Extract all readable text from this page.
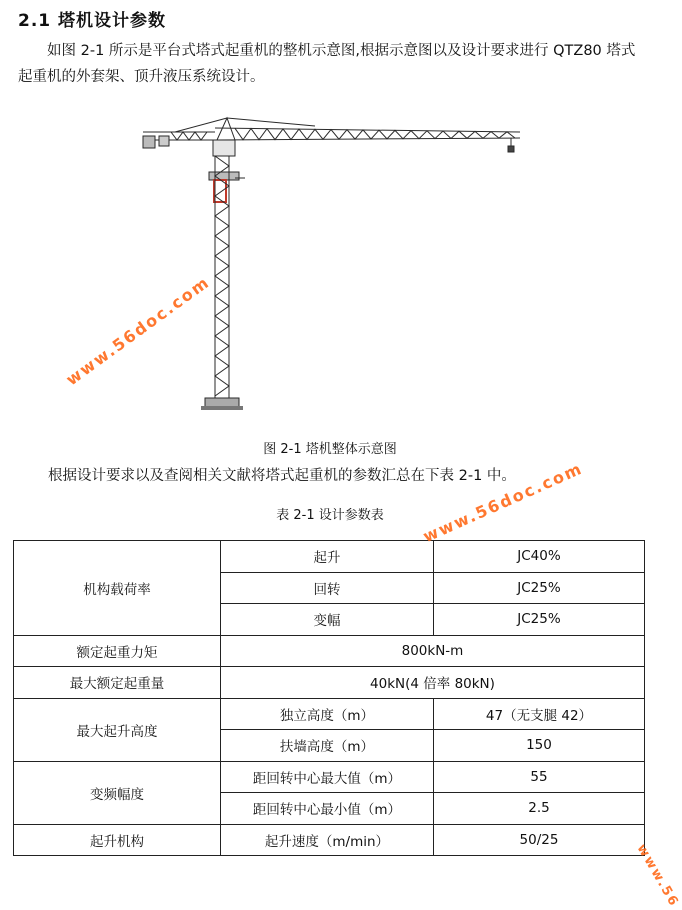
2.1 塔机设计参数
如图 2-1 所示是平台式塔式起重机的整机示意图,根据示意图以及设计要求进行 QTZ80 塔式起重机的外套架、顶升液压系统设计。
图 2-1 塔机整体示意图
根据设计要求以及查阅相关文献将塔式起重机的参数汇总在下表 2-1 中。
表 2-1 设计参数表
机构载荷率	起升	JC40%
	回转	JC25%
	变幅	JC25%
额定起重力矩	800kN-m	
最大额定起重量	40kN(4 倍率 80kN)	
最大起升高度	独立高度（m）	47（无支腿 42）
	扶墙高度（m）	150
变频幅度	距回转中心最大值（m）	55
	距回转中心最小值（m）	2.5
起升机构	起升速度（m/min）	50/25
www.56doc.com
www.56doc.com
www.56
